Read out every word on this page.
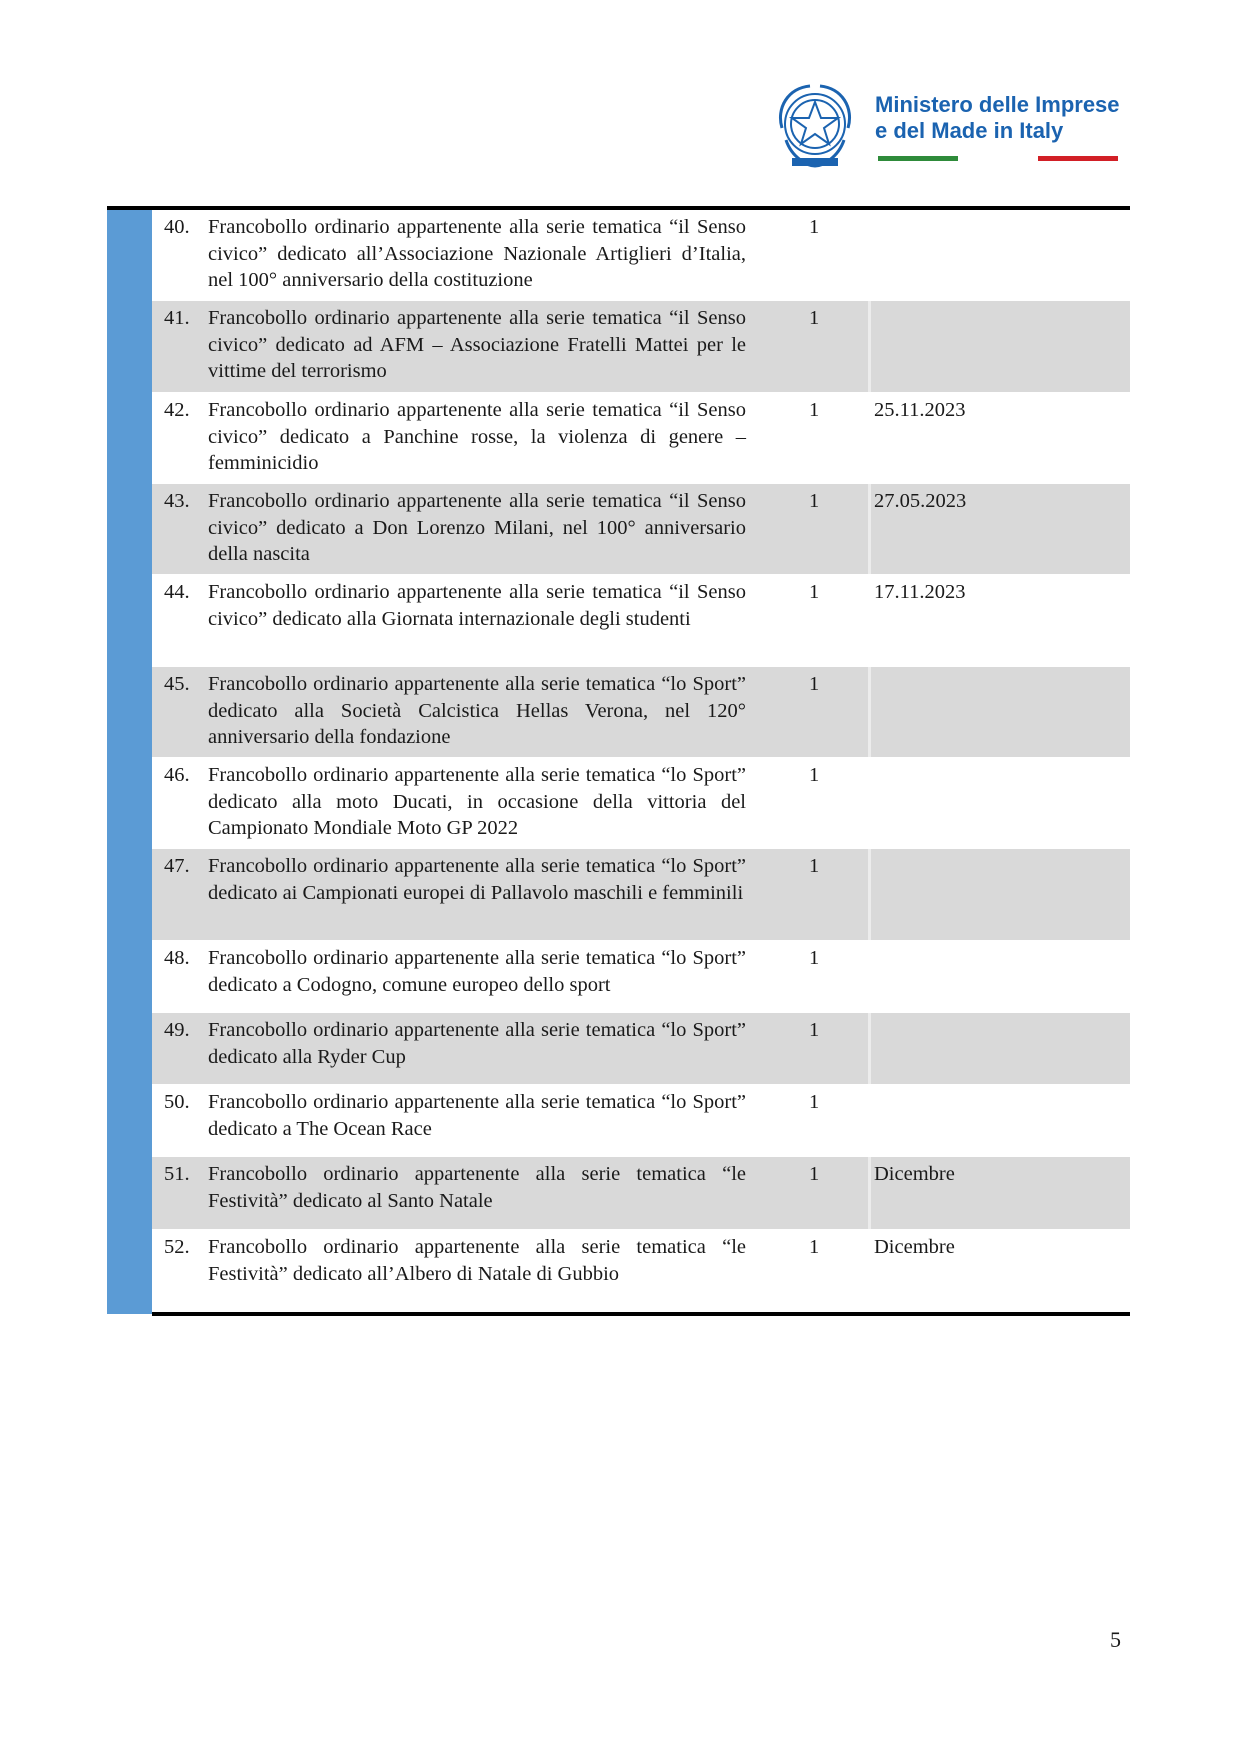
Ministero delle Imprese
e del Made in Italy
40. Francobollo ordinario appartenente alla serie tematica “il Senso civico” dedicato all’Associazione Nazionale Artiglieri d’Italia, nel 100° anniversario della costituzione
1
41. Francobollo ordinario appartenente alla serie tematica “il Senso civico” dedicato ad AFM – Associazione Fratelli Mattei per le vittime del terrorismo
1
42. Francobollo ordinario appartenente alla serie tematica “il Senso civico” dedicato a Panchine rosse, la violenza di genere – femminicidio
1	25.11.2023
43. Francobollo ordinario appartenente alla serie tematica “il Senso civico” dedicato a Don Lorenzo Milani, nel 100° anniversario della nascita
1	27.05.2023
44. Francobollo ordinario appartenente alla serie tematica “il Senso civico” dedicato alla Giornata internazionale degli studenti
1	17.11.2023
45. Francobollo ordinario appartenente alla serie tematica “lo Sport” dedicato alla Società Calcistica Hellas Verona, nel 120° anniversario della fondazione
1
46. Francobollo ordinario appartenente alla serie tematica “lo Sport” dedicato alla moto Ducati, in occasione della vittoria del Campionato Mondiale Moto GP 2022
1
47. Francobollo ordinario appartenente alla serie tematica “lo Sport” dedicato ai Campionati europei di Pallavolo maschili e femminili
1
48. Francobollo ordinario appartenente alla serie tematica “lo Sport” dedicato a Codogno, comune europeo dello sport
1
49. Francobollo ordinario appartenente alla serie tematica “lo Sport” dedicato alla Ryder Cup
1
50. Francobollo ordinario appartenente alla serie tematica “lo Sport” dedicato a The Ocean Race
1
51. Francobollo ordinario appartenente alla serie tematica “le Festività” dedicato al Santo Natale
1	Dicembre
52. Francobollo ordinario appartenente alla serie tematica “le Festività” dedicato all’Albero di Natale di Gubbio
1	Dicembre
5
